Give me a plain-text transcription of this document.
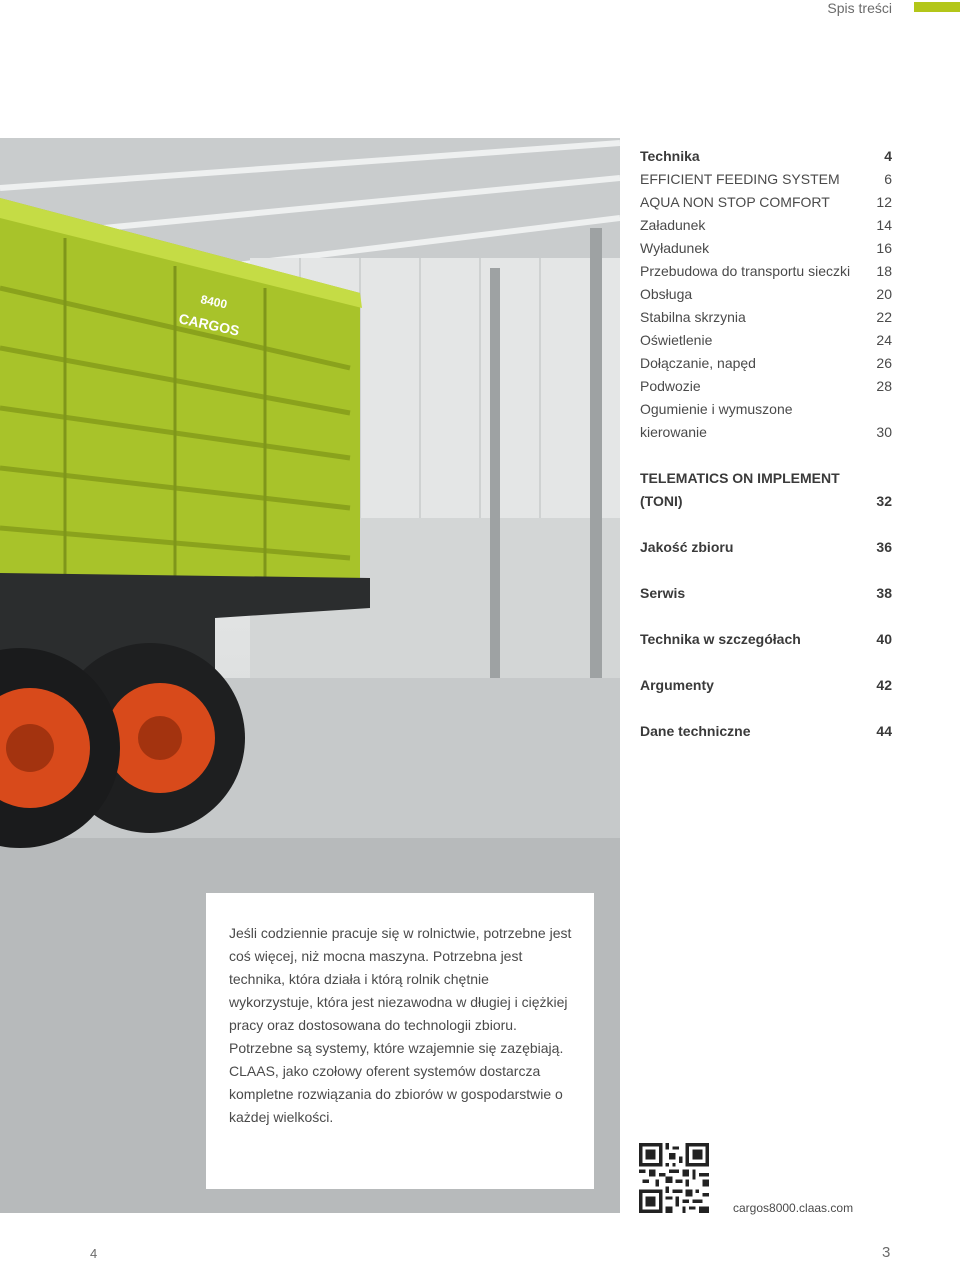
Spis treści
CARGOS
8400
Technika	4
EFFICIENT FEEDING SYSTEM	6
AQUA NON STOP COMFORT	12
Załadunek	14
Wyładunek	16
Przebudowa do transportu sieczki	18
Obsługa	20
Stabilna skrzynia	22
Oświetlenie	24
Dołączanie, napęd	26
Podwozie	28
Ogumienie i wymuszone
kierowanie	30
TELEMATICS ON IMPLEMENT
(TONI)	32
Jakość zbioru	36
Serwis	38
Technika w szczegółach	40
Argumenty	42
Dane techniczne	44
Jeśli codziennie pracuje się w rolnictwie, potrzebne jest
coś więcej, niż mocna maszyna. Potrzebna jest
technika, która działa i którą rolnik chętnie
wykorzystuje, która jest niezawodna w długiej i ciężkiej
pracy oraz dostosowana do technologii zbioru.
Potrzebne są systemy, które wzajemnie się zazębiają.
CLAAS, jako czołowy oferent systemów dostarcza
kompletne rozwiązania do zbiorów w gospodarstwie o
każdej wielkości.
cargos8000.claas.com
4	3
